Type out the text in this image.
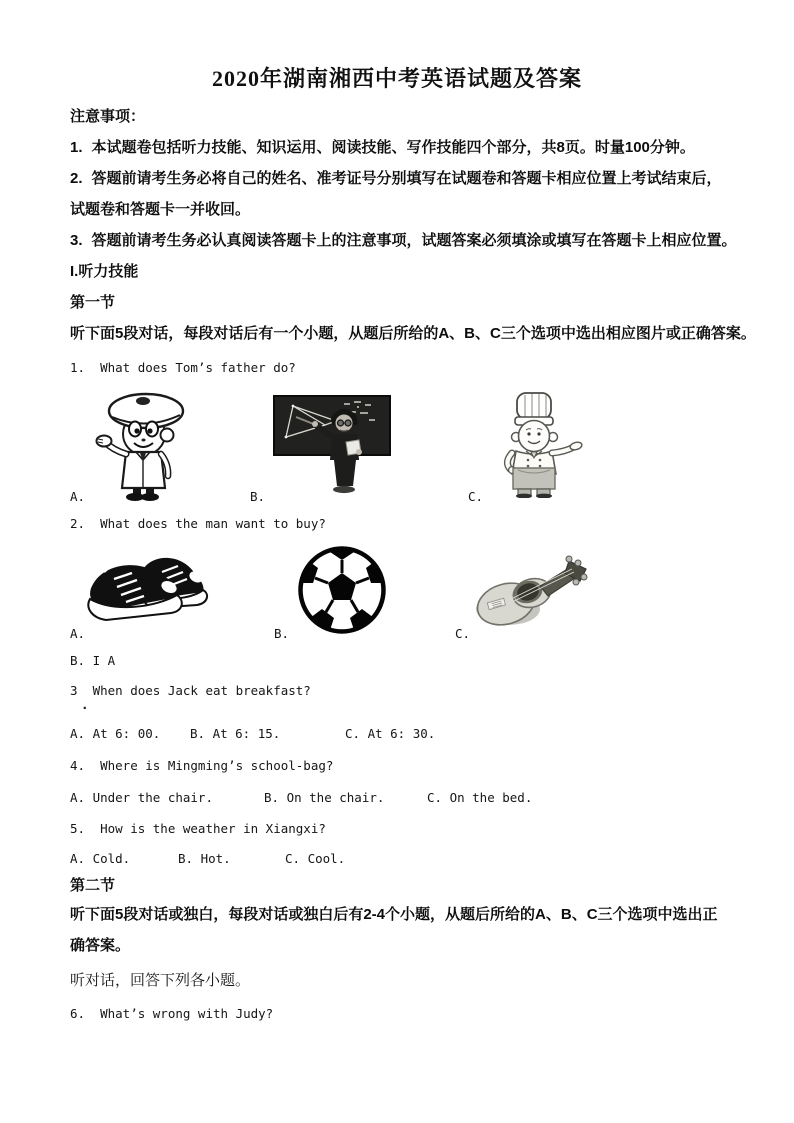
2020年湖南湘西中考英语试题及答案
注意事项：
1. 本试题卷包括听力技能、知识运用、阅读技能、写作技能四个部分，共8页。时量100分钟。
2. 答题前请考生务必将自己的姓名、准考证号分别填写在试题卷和答题卡相应位置上考试结束后，试题卷和答题卡一并收回。
3. 答题前请考生务必认真阅读答题卡上的注意事项，试题答案必须填涂或填写在答题卡上相应位置。
I.听力技能
第一节
听下面5段对话，每段对话后有一个小题，从题后所给的A、B、C三个选项中选出相应图片或正确答案。
1.  What does Tom’s father do?

A.

	B.

	C.

2.  What does the man want to buy?

A.

	B.

	C.

B. I A
3  When does Jack eat breakfast?
.

A. At 6: 00.

B. At 6: 15.

	C. At 6: 30.

4.  Where is Mingming’s school-bag?

A. Under the chair.

	B. On the chair.

	C. On the bed.

5.  How is the weather in Xiangxi?

A. Cold.

	B. Hot.

	C. Cool.

第二节
听下面5段对话或独白，每段对话或独白后有2-4个小题，从题后所给的A、B、C三个选项中选出正确答案。
听对话，回答下列各小题。
6.  What’s wrong with Judy?
